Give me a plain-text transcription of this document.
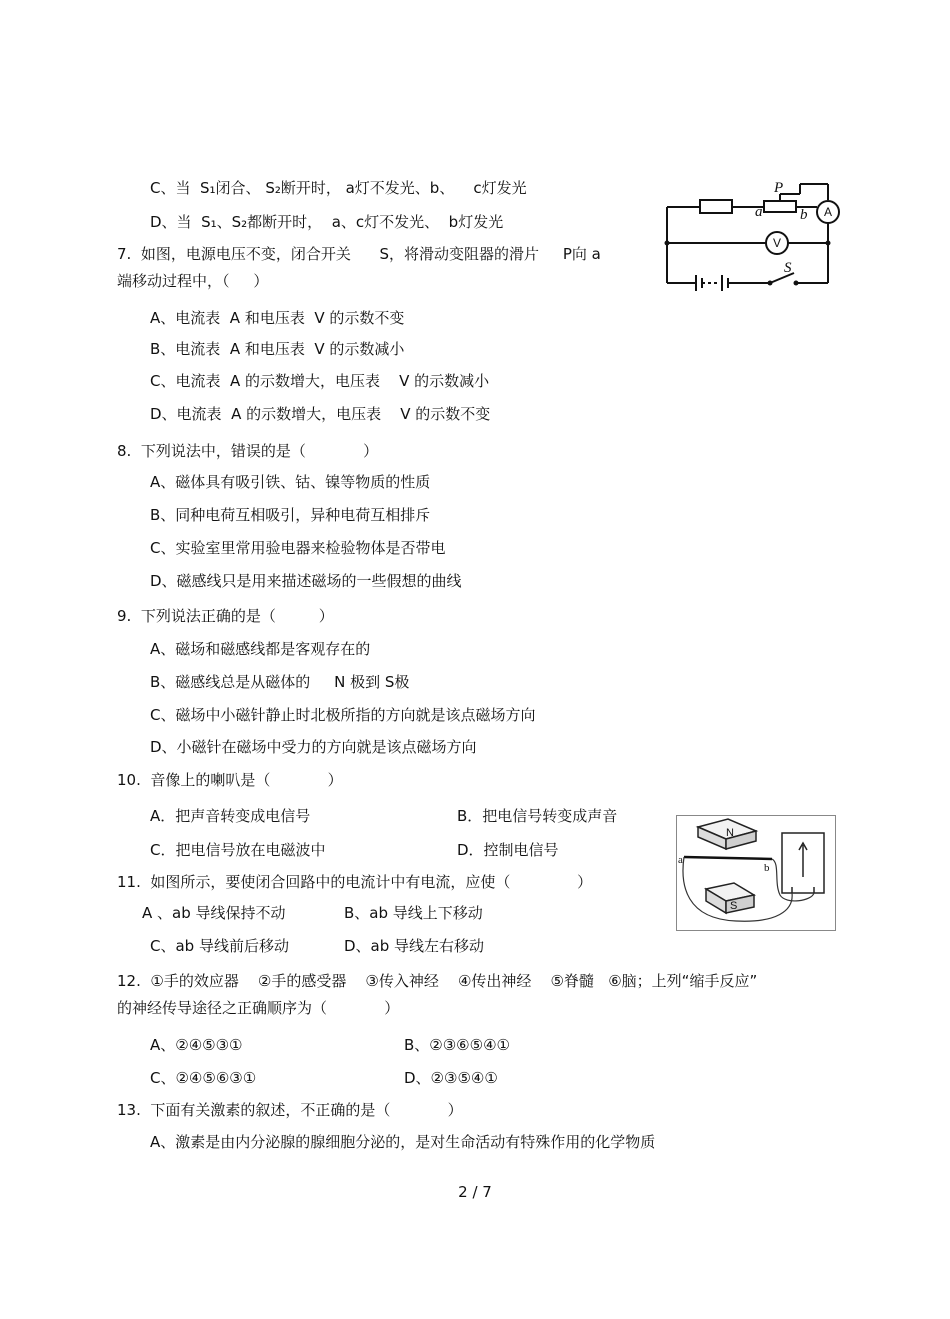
C、当  S₁闭合、 S₂断开时， a灯不发光、b、    c灯发光
D、当  S₁、S₂都断开时，  a、c灯不发光、  b灯发光
7.  如图，电源电压不变，闭合开关      S，将滑动变阻器的滑片     P向 a
端移动过程中，（     ）
A、电流表  A 和电压表  V 的示数不变
B、电流表  A 和电压表  V 的示数减小
C、电流表  A 的示数增大，电压表    V 的示数减小
D、电流表  A 的示数增大，电压表    V 的示数不变
8.  下列说法中，错误的是（            ）
A、磁体具有吸引铁、钴、镍等物质的性质
B、同种电荷互相吸引，异种电荷互相排斥
C、实验室里常用验电器来检验物体是否带电
D、磁感线只是用来描述磁场的一些假想的曲线
9.  下列说法正确的是（         ）
A、磁场和磁感线都是客观存在的
B、磁感线总是从磁体的     N 极到 S极
C、磁场中小磁针静止时北极所指的方向就是该点磁场方向
D、小磁针在磁场中受力的方向就是该点磁场方向
10.  音像上的喇叭是（            ）
A．把声音转变成电信号	B．把电信号转变成声音
C．把电信号放在电磁波中	D．控制电信号
11.  如图所示，要使闭合回路中的电流计中有电流，应使（              ）
A 、ab 导线保持不动	B、ab 导线上下移动
C、ab 导线前后移动	D、ab 导线左右移动
12.  ①手的效应器    ②手的感受器    ③传入神经    ④传出神经    ⑤脊髓   ⑥脑；上列“缩手反应”
的神经传导途径之正确顺序为（            ）
A、②④⑤③①	B、②③⑥⑤④①
C、②④⑤⑥③①	D、②③⑤④①
13.  下面有关激素的叙述，不正确的是（            ）
A、激素是由内分泌腺的腺细胞分泌的，是对生命活动有特殊作用的化学物质
P
a	b
S
A
V
N
a
b
S
2 / 7
